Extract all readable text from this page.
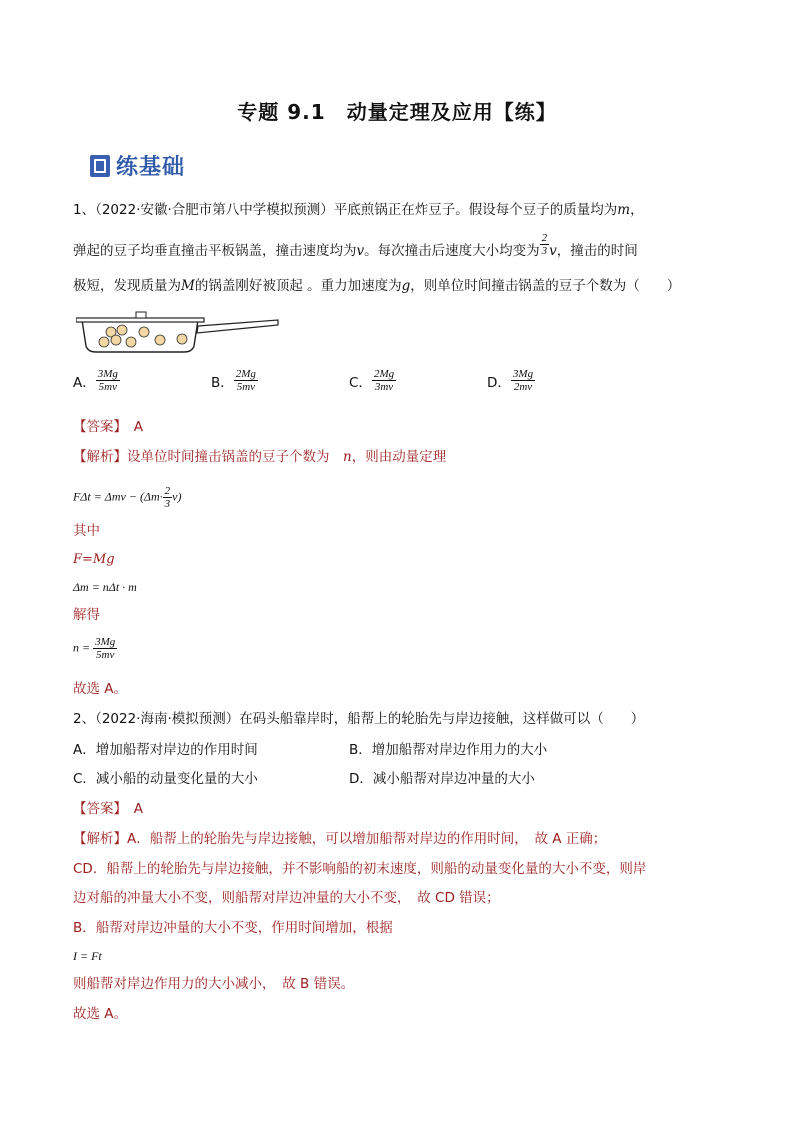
专题 9.1　动量定理及应用【练】
练基础
1、（2022·安徽·合肥市第八中学模拟预测）平底煎锅正在炸豆子。假设每个豆子的质量均为m，
弹起的豆子均垂直撞击平板锅盖，撞击速度均为v。每次撞击后速度大小均变为 $\frac{2}{3}$ v，撞击的时间
极短，发现质量为M的锅盖刚好被顶起 。重力加速度为g，则单位时间撞击锅盖的豆子个数为（　　）
A． $\frac{3Mg}{5mv}$	B． $\frac{2Mg}{5mv}$	C． $\frac{2Mg}{3mv}$	D． $\frac{3Mg}{2mv}$
【答案】　 A
【解析】设单位时间撞击锅盖的豆子个数为　 n，则由动量定理
$F\Delta t = \Delta mv - (\Delta m\cdot \frac{2}{3} v)$
其中
F=Mg
Δm = nΔt · m
解得
$n = \frac{3Mg}{5mv}$
故选 A。
2、（2022·海南·模拟预测）在码头船靠岸时，船帮上的轮胎先与岸边接触，这样做可以（　　）
A．增加船帮对岸边的作用时间	B．增加船帮对岸边作用力的大小
C．减小船的动量变化量的大小	D．减小船帮对岸边冲量的大小
【答案】　 A
【解析】A．船帮上的轮胎先与岸边接触，可以增加船帮对岸边的作用时间，　故 A 正确；
CD．船帮上的轮胎先与岸边接触，并不影响船的初末速度，则船的动量变化量的大小不变，则岸
边对船的冲量大小不变，则船帮对岸边冲量的大小不变，　故 CD 错误；
B．船帮对岸边冲量的大小不变，作用时间增加，根据
I = Ft
则船帮对岸边作用力的大小减小，　故 B 错误。
故选 A。
